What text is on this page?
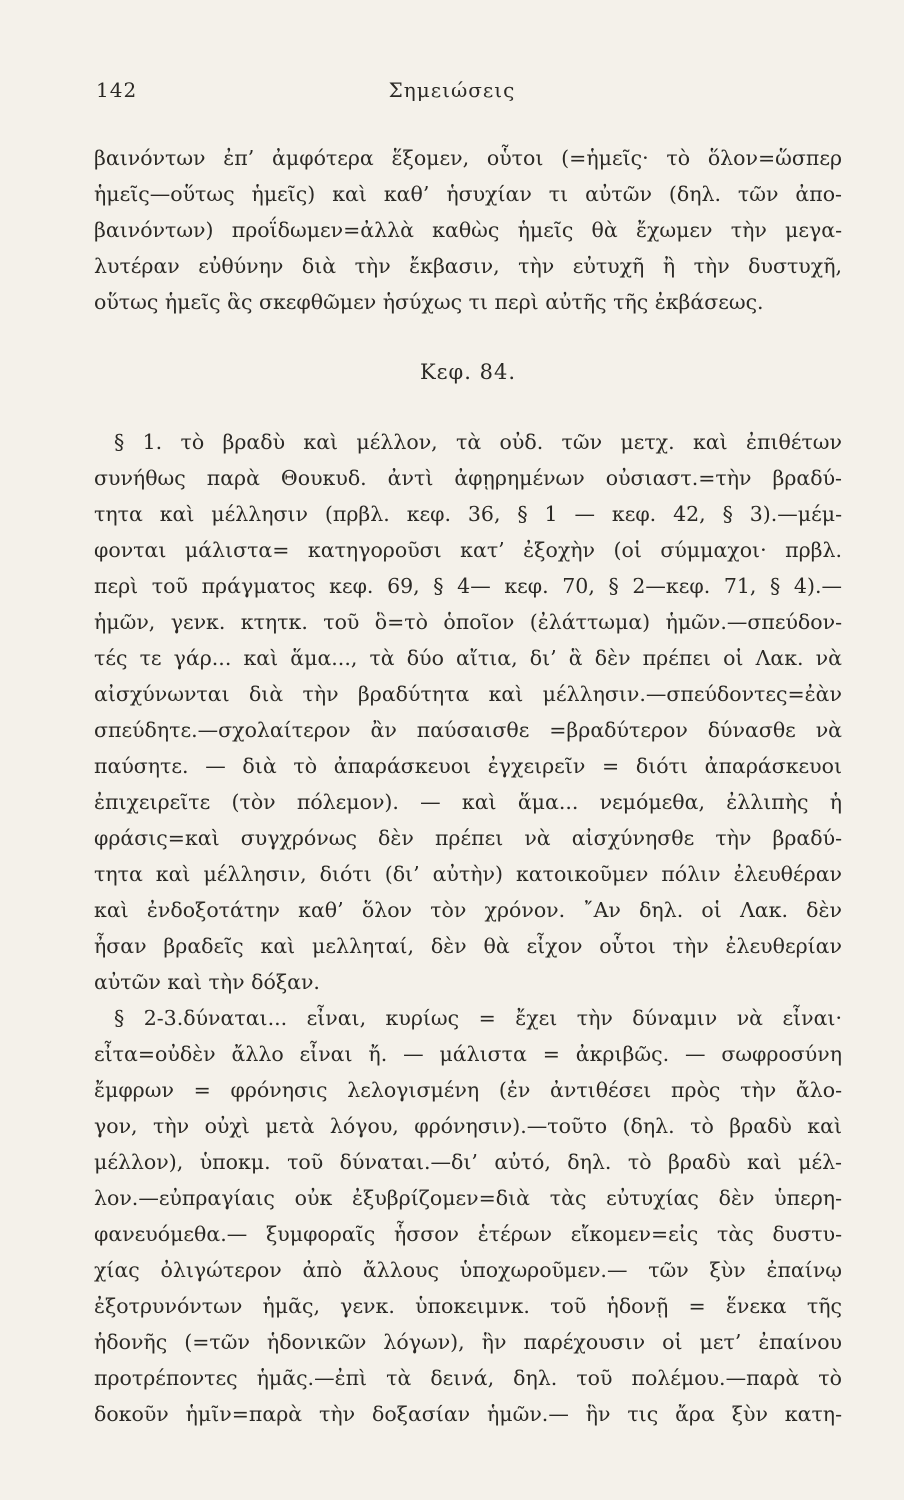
142	Σημειώσεις
βαινόντων ἐπ’ ἀμφότερα ἕξομεν, οὗτοι (=ἡμεῖς· τὸ ὅλον=ὥσπερ
ἡμεῖς—οὕτως ἡμεῖς) καὶ καθ’ ἡσυχίαν τι αὐτῶν (δηλ. τῶν ἀπο-
βαινόντων) προΐδωμεν=ἀλλὰ καθὼς ἡμεῖς θὰ ἔχωμεν τὴν μεγα-
λυτέραν εὐθύνην διὰ τὴν ἔκβασιν, τὴν εὐτυχῆ ἢ τὴν δυστυχῆ,
οὕτως ἡμεῖς ἃς σκεφθῶμεν ἡσύχως τι περὶ αὐτῆς τῆς ἐκβάσεως.
Κεφ. 84.
§ 1. τὸ βραδὺ καὶ μέλλον, τὰ οὐδ. τῶν μετχ. καὶ ἐπιθέτων
συνήθως παρὰ Θουκυδ. ἀντὶ ἀφῃρημένων οὐσιαστ.=τὴν βραδύ-
τητα καὶ μέλλησιν (πρβλ. κεφ. 36, § 1 — κεφ. 42, § 3).—μέμ-
φονται μάλιστα= κατηγοροῦσι κατ’ ἐξοχὴν (οἱ σύμμαχοι· πρβλ.
περὶ τοῦ πράγματος κεφ. 69, § 4— κεφ. 70, § 2—κεφ. 71, § 4).—
ἡμῶν, γενκ. κτητκ. τοῦ ὃ=τὸ ὁποῖον (ἐλάττωμα) ἡμῶν.—σπεύδον-
τές τε γάρ... καὶ ἅμα..., τὰ δύο αἴτια, δι’ ἃ δὲν πρέπει οἱ Λακ. νὰ
αἰσχύνωνται διὰ τὴν βραδύτητα καὶ μέλλησιν.—σπεύδοντες=ἐὰν
σπεύδητε.—σχολαίτερον ἂν παύσαισθε =βραδύτερον δύνασθε νὰ
παύσητε. — διὰ τὸ ἀπαράσκευοι ἐγχειρεῖν = διότι ἀπαράσκευοι
ἐπιχειρεῖτε (τὸν πόλεμον). — καὶ ἅμα... νεμόμεθα, ἐλλιπὴς ἡ
φράσις=καὶ συγχρόνως δὲν πρέπει νὰ αἰσχύνησθε τὴν βραδύ-
τητα καὶ μέλλησιν, διότι (δι’ αὐτὴν) κατοικοῦμεν πόλιν ἐλευθέραν
καὶ ἐνδοξοτάτην καθ’ ὅλον τὸν χρόνον. ῎Αν δηλ. οἱ Λακ. δὲν
ἦσαν βραδεῖς καὶ μελληταί, δὲν θὰ εἶχον οὗτοι τὴν ἐλευθερίαν
αὐτῶν καὶ τὴν δόξαν.
§ 2-3.δύναται... εἶναι, κυρίως = ἔχει τὴν δύναμιν νὰ εἶναι·
εἶτα=οὐδὲν ἄλλο εἶναι ἤ. — μάλιστα = ἀκριβῶς. — σωφροσύνη
ἔμφρων = φρόνησις λελογισμένη (ἐν ἀντιθέσει πρὸς τὴν ἄλο-
γον, τὴν οὐχὶ μετὰ λόγου, φρόνησιν).—τοῦτο (δηλ. τὸ βραδὺ καὶ
μέλλον), ὑποκμ. τοῦ δύναται.—δι’ αὐτό, δηλ. τὸ βραδὺ καὶ μέλ-
λον.—εὐπραγίαις οὐκ ἐξυβρίζομεν=διὰ τὰς εὐτυχίας δὲν ὑπερη-
φανευόμεθα.— ξυμφοραῖς ἧσσον ἑτέρων εἴκομεν=εἰς τὰς δυστυ-
χίας ὀλιγώτερον ἀπὸ ἄλλους ὑποχωροῦμεν.— τῶν ξὺν ἐπαίνῳ
ἐξοτρυνόντων ἡμᾶς, γενκ. ὑποκειμνκ. τοῦ ἡδονῇ = ἕνεκα τῆς
ἡδονῆς (=τῶν ἡδονικῶν λόγων), ἣν παρέχουσιν οἱ μετ’ ἐπαίνου
προτρέποντες ἡμᾶς.—ἐπὶ τὰ δεινά, δηλ. τοῦ πολέμου.—παρὰ τὸ
δοκοῦν ἡμῖν=παρὰ τὴν δοξασίαν ἡμῶν.— ἣν τις ἄρα ξὺν κατη-
